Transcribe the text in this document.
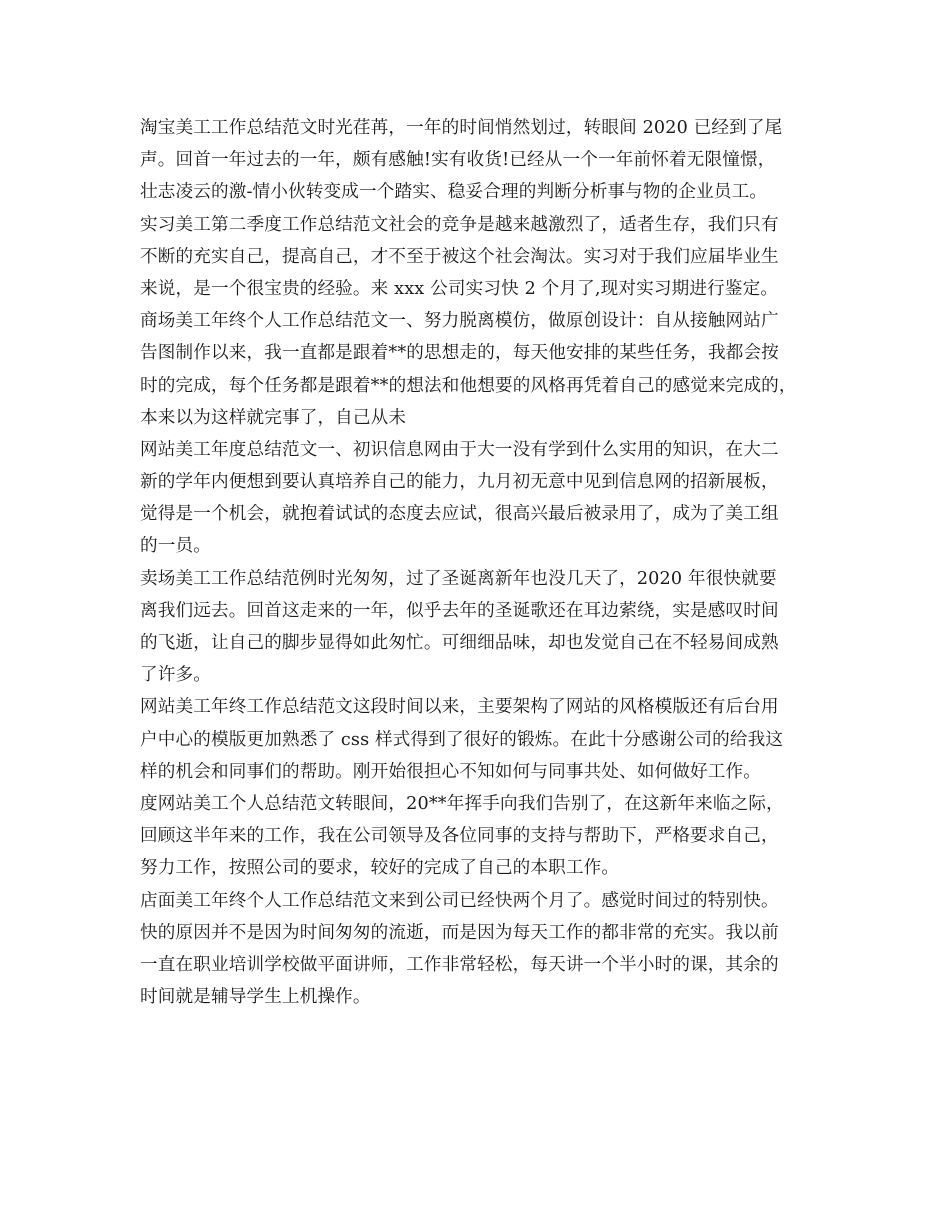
淘宝美工工作总结范文时光荏苒，一年的时间悄然划过，转眼间 2020 已经到了尾
声。回首一年过去的一年，颇有感触!实有收货!已经从一个一年前怀着无限憧憬，
壮志凌云的激-情小伙转变成一个踏实、稳妥合理的判断分析事与物的企业员工。
实习美工第二季度工作总结范文社会的竞争是越来越激烈了，适者生存，我们只有
不断的充实自己，提高自己，才不至于被这个社会淘汰。实习对于我们应届毕业生
来说，是一个很宝贵的经验。来 xxx 公司实习快 2 个月了,现对实习期进行鉴定。
商场美工年终个人工作总结范文一、努力脱离模仿，做原创设计：自从接触网站广
告图制作以来，我一直都是跟着**的思想走的，每天他安排的某些任务，我都会按
时的完成，每个任务都是跟着**的想法和他想要的风格再凭着自己的感觉来完成的，
本来以为这样就完事了，自己从未
网站美工年度总结范文一、初识信息网由于大一没有学到什么实用的知识，在大二
新的学年内便想到要认真培养自己的能力，九月初无意中见到信息网的招新展板，
觉得是一个机会，就抱着试试的态度去应试，很高兴最后被录用了，成为了美工组
的一员。
卖场美工工作总结范例时光匆匆，过了圣诞离新年也没几天了，2020 年很快就要
离我们远去。回首这走来的一年，似乎去年的圣诞歌还在耳边萦绕，实是感叹时间
的飞逝，让自己的脚步显得如此匆忙。可细细品味，却也发觉自己在不轻易间成熟
了许多。
网站美工年终工作总结范文这段时间以来，主要架构了网站的风格模版还有后台用
户中心的模版更加熟悉了 css 样式得到了很好的锻炼。在此十分感谢公司的给我这
样的机会和同事们的帮助。刚开始很担心不知如何与同事共处、如何做好工作。
度网站美工个人总结范文转眼间，20**年挥手向我们告别了，在这新年来临之际，
回顾这半年来的工作，我在公司领导及各位同事的支持与帮助下，严格要求自己，
努力工作，按照公司的要求，较好的完成了自己的本职工作。
店面美工年终个人工作总结范文来到公司已经快两个月了。感觉时间过的特别快。
快的原因并不是因为时间匆匆的流逝，而是因为每天工作的都非常的充实。我以前
一直在职业培训学校做平面讲师，工作非常轻松，每天讲一个半小时的课，其余的
时间就是辅导学生上机操作。
